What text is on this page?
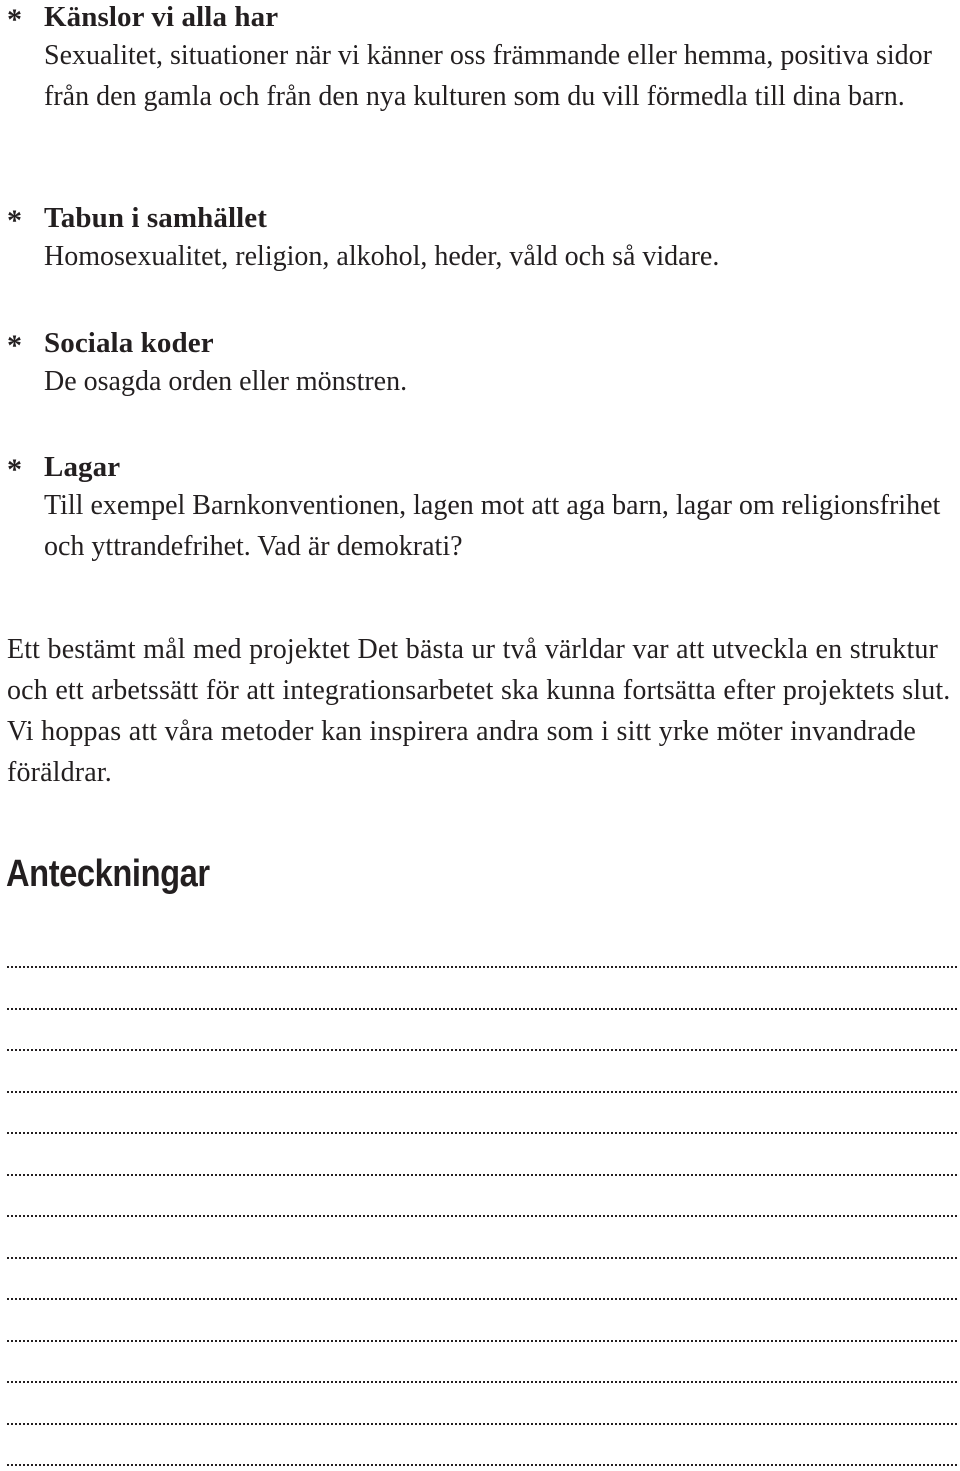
* Känslor vi alla har
Sexualitet, situationer när vi känner oss främmande eller hemma, positiva sidor från den gamla och från den nya kulturen som du vill förmedla till dina barn.
* Tabun i samhället
Homosexualitet, religion, alkohol, heder, våld och så vidare.
* Sociala koder
De osagda orden eller mönstren.
* Lagar
Till exempel Barnkonventionen, lagen mot att aga barn, lagar om religionsfrihet och yttrandefrihet. Vad är demokrati?

Ett bestämt mål med projektet Det bästa ur två världar var att utveckla en struktur och ett arbetssätt för att integrationsarbetet ska kunna fortsätta efter projektets slut. Vi hoppas att våra metoder kan inspirera andra som i sitt yrke möter invandrade föräldrar.

Anteckningar
